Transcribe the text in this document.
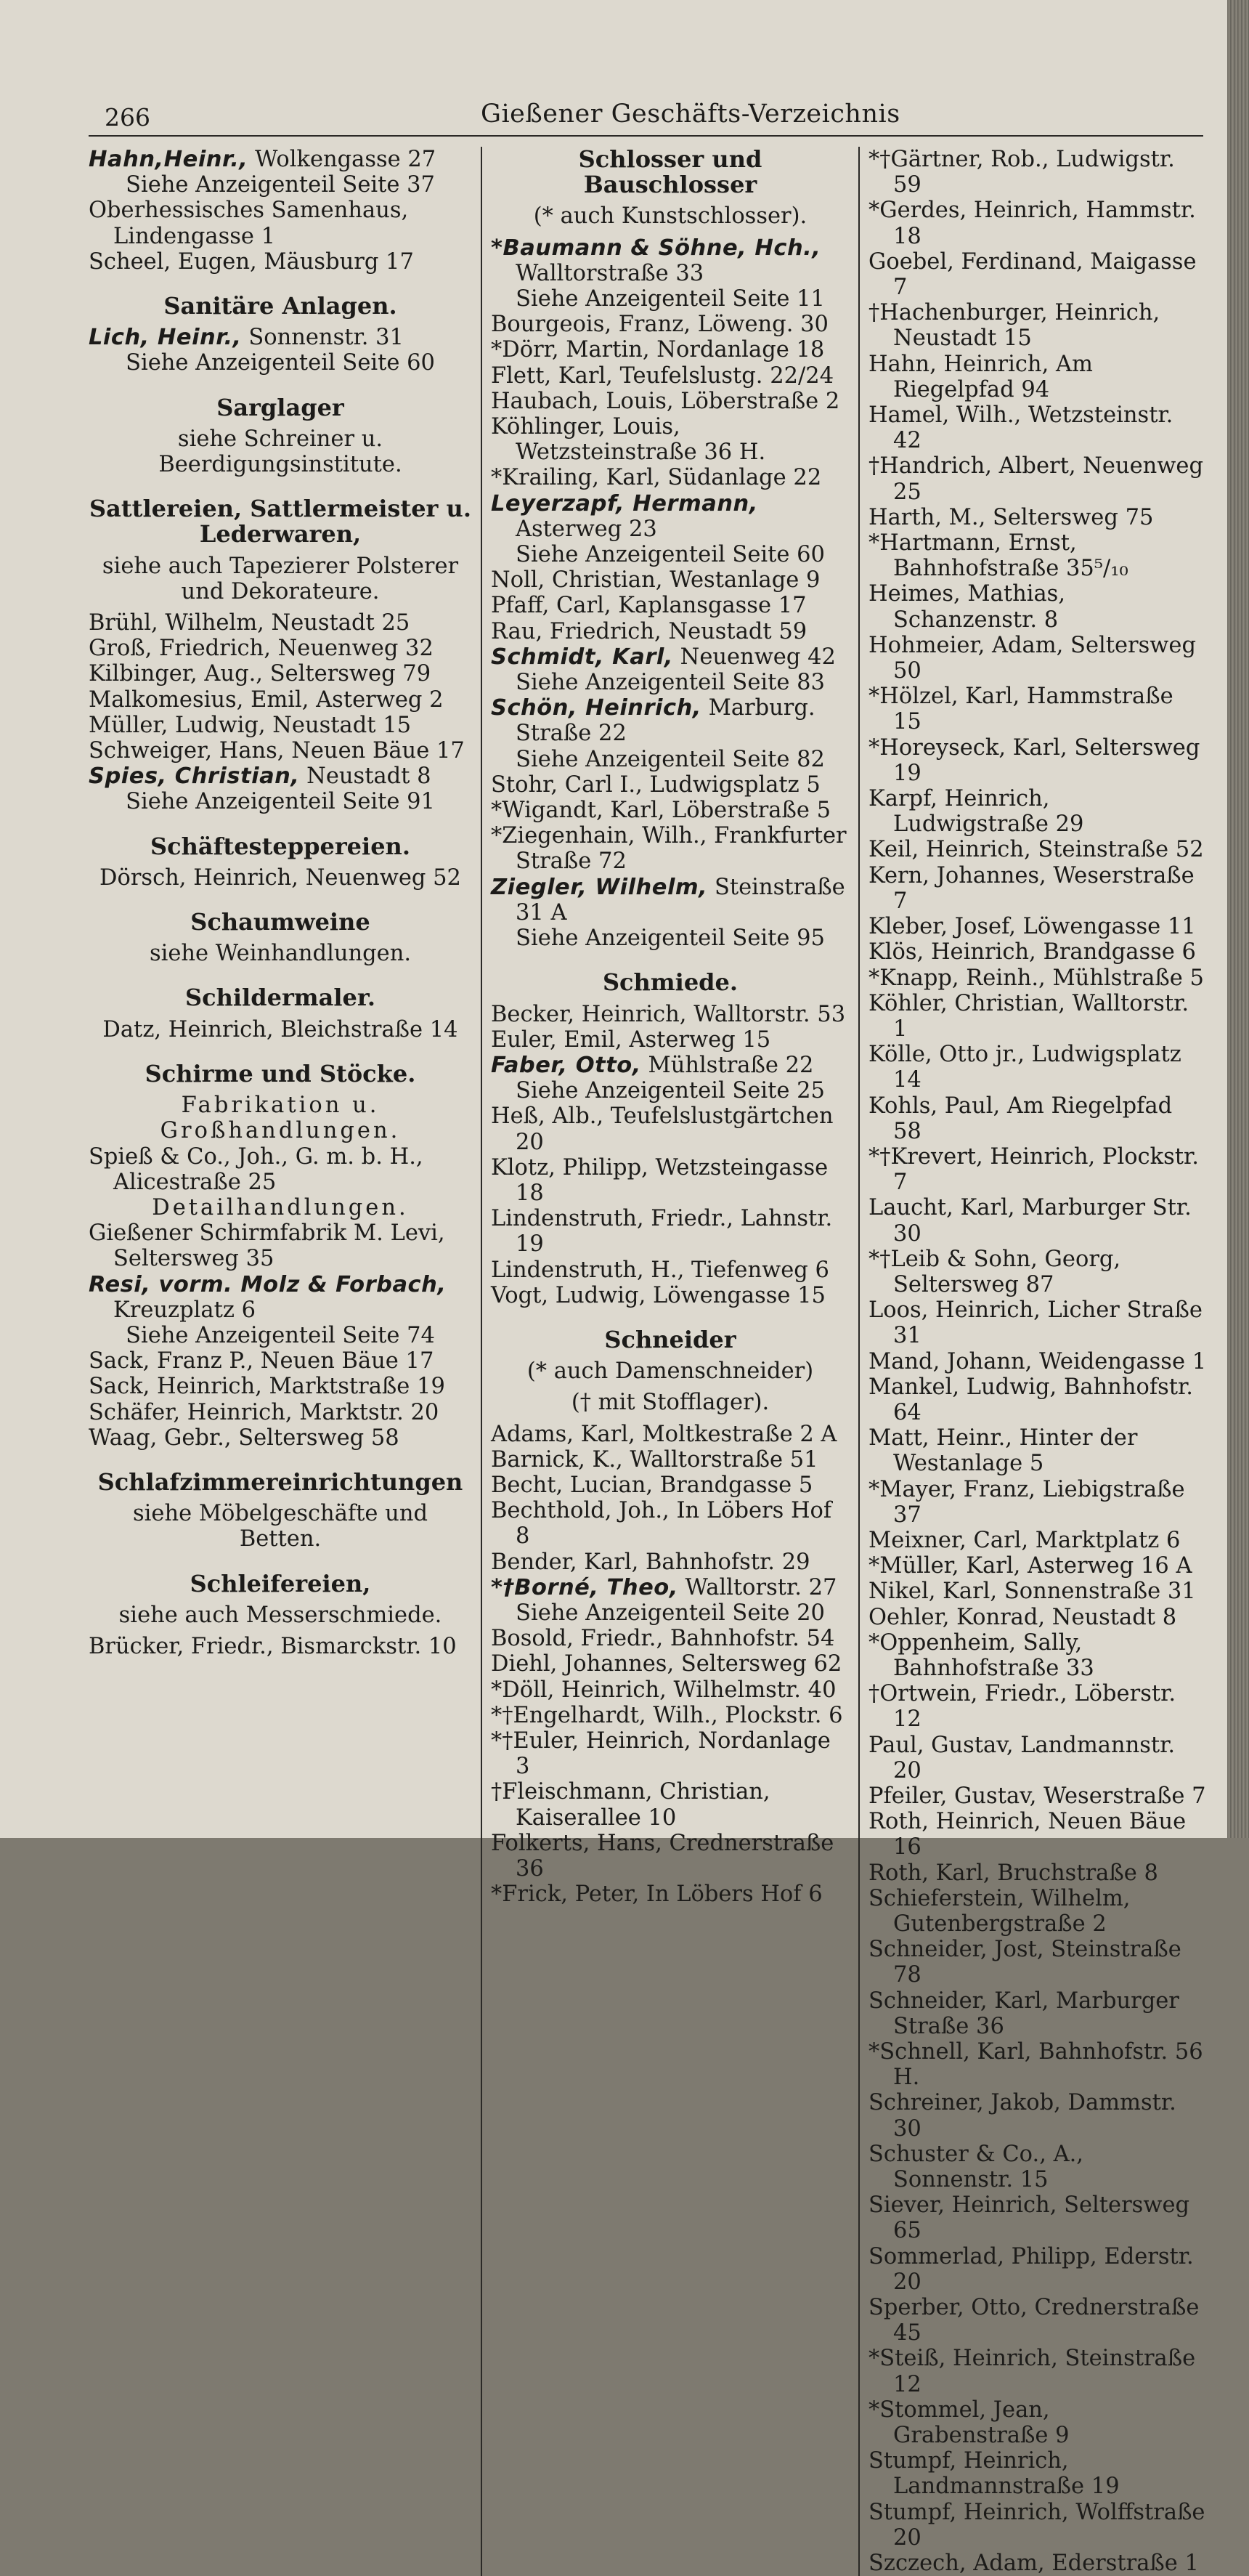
266	Gießener Geschäfts-Verzeichnis

Hahn,Heinr., Wolkengasse 27

Siehe Anzeigenteil Seite 37

Oberhessisches Samenhaus, Lindengasse 1

Scheel, Eugen, Mäusburg 17

Sanitäre Anlagen.

Lich, Heinr., Sonnenstr. 31

Siehe Anzeigenteil Seite 60

Sarglager

siehe Schreiner u. Beerdigungsinstitute.

Sattlereien, Sattlermeister u. Lederwaren,

siehe auch Tapezierer Polsterer und Dekorateure.

Brühl, Wilhelm, Neustadt 25

Groß, Friedrich, Neuenweg 32

Kilbinger, Aug., Seltersweg 79

Malkomesius, Emil, Asterweg 2

Müller, Ludwig, Neustadt 15

Schweiger, Hans, Neuen Bäue 17

Spies, Christian, Neustadt 8

Siehe Anzeigenteil Seite 91

Schäftesteppereien.

Dörsch, Heinrich, Neuenweg 52

Schaumweine

siehe Weinhandlungen.

Schildermaler.

Datz, Heinrich, Bleichstraße 14

Schirme und Stöcke.

Fabrikation u. Großhandlungen.

Spieß & Co., Joh., G. m. b. H., Alicestraße 25

Detailhandlungen.

Gießener Schirmfabrik M. Levi, Seltersweg 35

Resi, vorm. Molz & Forbach, Kreuzplatz 6

Siehe Anzeigenteil Seite 74

Sack, Franz P., Neuen Bäue 17

Sack, Heinrich, Marktstraße 19

Schäfer, Heinrich, Marktstr. 20

Waag, Gebr., Seltersweg 58

Schlafzimmereinrichtungen

siehe Möbelgeschäfte und Betten.

Schleifereien,

siehe auch Messerschmiede.

Brücker, Friedr., Bismarckstr. 10

Schlosser und Bauschlosser

(* auch Kunstschlosser).

*Baumann & Söhne, Hch., Walltorstraße 33

Siehe Anzeigenteil Seite 11

Bourgeois, Franz, Löweng. 30

*Dörr, Martin, Nordanlage 18

Flett, Karl, Teufelslustg. 22/24

Haubach, Louis, Löberstraße 2

Köhlinger, Louis, Wetzsteinstraße 36 H.

*Krailing, Karl, Südanlage 22

Leyerzapf, Hermann, Asterweg 23

Siehe Anzeigenteil Seite 60

Noll, Christian, Westanlage 9

Pfaff, Carl, Kaplansgasse 17

Rau, Friedrich, Neustadt 59

Schmidt, Karl, Neuenweg 42

Siehe Anzeigenteil Seite 83

Schön, Heinrich, Marburg. Straße 22

Siehe Anzeigenteil Seite 82

Stohr, Carl I., Ludwigsplatz 5

*Wigandt, Karl, Löberstraße 5

*Ziegenhain, Wilh., Frankfurter Straße 72

Ziegler, Wilhelm, Steinstraße 31 A

Siehe Anzeigenteil Seite 95

Schmiede.

Becker, Heinrich, Walltorstr. 53

Euler, Emil, Asterweg 15

Faber, Otto, Mühlstraße 22

Siehe Anzeigenteil Seite 25

Heß, Alb., Teufelslustgärtchen 20

Klotz, Philipp, Wetzsteingasse 18

Lindenstruth, Friedr., Lahnstr. 19

Lindenstruth, H., Tiefenweg 6

Vogt, Ludwig, Löwengasse 15

Schneider

(* auch Damenschneider)

(† mit Stofflager).

Adams, Karl, Moltkestraße 2 A

Barnick, K., Walltorstraße 51

Becht, Lucian, Brandgasse 5

Bechthold, Joh., In Löbers Hof 8

Bender, Karl, Bahnhofstr. 29

*†Borné, Theo, Walltorstr. 27

Siehe Anzeigenteil Seite 20

Bosold, Friedr., Bahnhofstr. 54

Diehl, Johannes, Seltersweg 62

*Döll, Heinrich, Wilhelmstr. 40

*†Engelhardt, Wilh., Plockstr. 6

*†Euler, Heinrich, Nordanlage 3

†Fleischmann, Christian, Kaiserallee 10

Folkerts, Hans, Crednerstraße 36

*Frick, Peter, In Löbers Hof 6

*†Gärtner, Rob., Ludwigstr. 59

*Gerdes, Heinrich, Hammstr. 18

Goebel, Ferdinand, Maigasse 7

†Hachenburger, Heinrich, Neustadt 15

Hahn, Heinrich, Am Riegelpfad 94

Hamel, Wilh., Wetzsteinstr. 42

†Handrich, Albert, Neuenweg 25

Harth, M., Seltersweg 75

*Hartmann, Ernst, Bahnhofstraße 35⁵/₁₀

Heimes, Mathias, Schanzenstr. 8

Hohmeier, Adam, Seltersweg 50

*Hölzel, Karl, Hammstraße 15

*Horeyseck, Karl, Seltersweg 19

Karpf, Heinrich, Ludwigstraße 29

Keil, Heinrich, Steinstraße 52

Kern, Johannes, Weserstraße 7

Kleber, Josef, Löwengasse 11

Klös, Heinrich, Brandgasse 6

*Knapp, Reinh., Mühlstraße 5

Köhler, Christian, Walltorstr. 1

Kölle, Otto jr., Ludwigsplatz 14

Kohls, Paul, Am Riegelpfad 58

*†Krevert, Heinrich, Plockstr. 7

Laucht, Karl, Marburger Str. 30

*†Leib & Sohn, Georg, Seltersweg 87

Loos, Heinrich, Licher Straße 31

Mand, Johann, Weidengasse 1

Mankel, Ludwig, Bahnhofstr. 64

Matt, Heinr., Hinter der Westanlage 5

*Mayer, Franz, Liebigstraße 37

Meixner, Carl, Marktplatz 6

*Müller, Karl, Asterweg 16 A

Nikel, Karl, Sonnenstraße 31

Oehler, Konrad, Neustadt 8

*Oppenheim, Sally, Bahnhofstraße 33

†Ortwein, Friedr., Löberstr. 12

Paul, Gustav, Landmannstr. 20

Pfeiler, Gustav, Weserstraße 7

Roth, Heinrich, Neuen Bäue 16

Roth, Karl, Bruchstraße 8

Schieferstein, Wilhelm, Gutenbergstraße 2

Schneider, Jost, Steinstraße 78

Schneider, Karl, Marburger Straße 36

*Schnell, Karl, Bahnhofstr. 56 H.

Schreiner, Jakob, Dammstr. 30

Schuster & Co., A., Sonnenstr. 15

Siever, Heinrich, Seltersweg 65

Sommerlad, Philipp, Ederstr. 20

Sperber, Otto, Crednerstraße 45

*Steiß, Heinrich, Steinstraße 12

*Stommel, Jean, Grabenstraße 9

Stumpf, Heinrich, Landmannstraße 19

Stumpf, Heinrich, Wolffstraße 20

Szczech, Adam, Ederstraße 1
